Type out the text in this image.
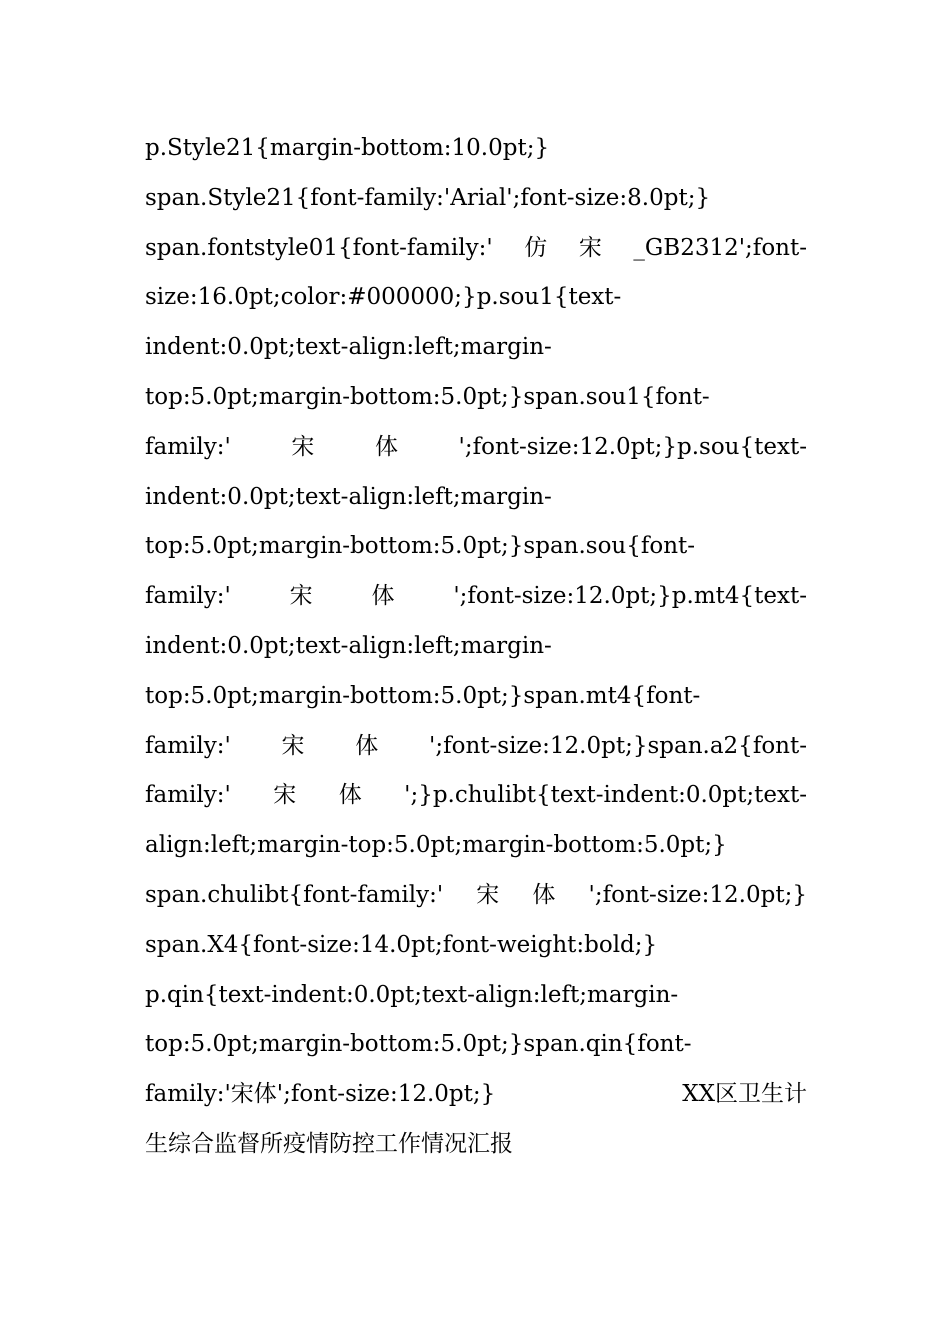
p.Style21{margin-bottom:10.0pt;}
span.Style21{font-family:'Arial';font-size:8.0pt;}
span.fontstyle01{font-family:' 仿 宋 _GB2312';font-
size:16.0pt;color:#000000;}p.sou1{text-
indent:0.0pt;text-align:left;margin-
top:5.0pt;margin-bottom:5.0pt;}span.sou1{font-
family:'	宋	体	';font-size:12.0pt;}p.sou{text-
indent:0.0pt;text-align:left;margin-
top:5.0pt;margin-bottom:5.0pt;}span.sou{font-
family:'	宋	体	';font-size:12.0pt;}p.mt4{text-
indent:0.0pt;text-align:left;margin-
top:5.0pt;margin-bottom:5.0pt;}span.mt4{font-
family:' 宋 体 ';font-size:12.0pt;}span.a2{font-
family:' 宋 体 ';}p.chulibt{text-indent:0.0pt;text-
align:left;margin-top:5.0pt;margin-bottom:5.0pt;}
span.chulibt{font-family:' 宋 体 ';font-size:12.0pt;}
span.X4{font-size:14.0pt;font-weight:bold;}
p.qin{text-indent:0.0pt;text-align:left;margin-
top:5.0pt;margin-bottom:5.0pt;}span.qin{font-
family:'宋体';font-size:12.0pt;}	XX区卫生计
生综合监督所疫情防控工作情况汇报
